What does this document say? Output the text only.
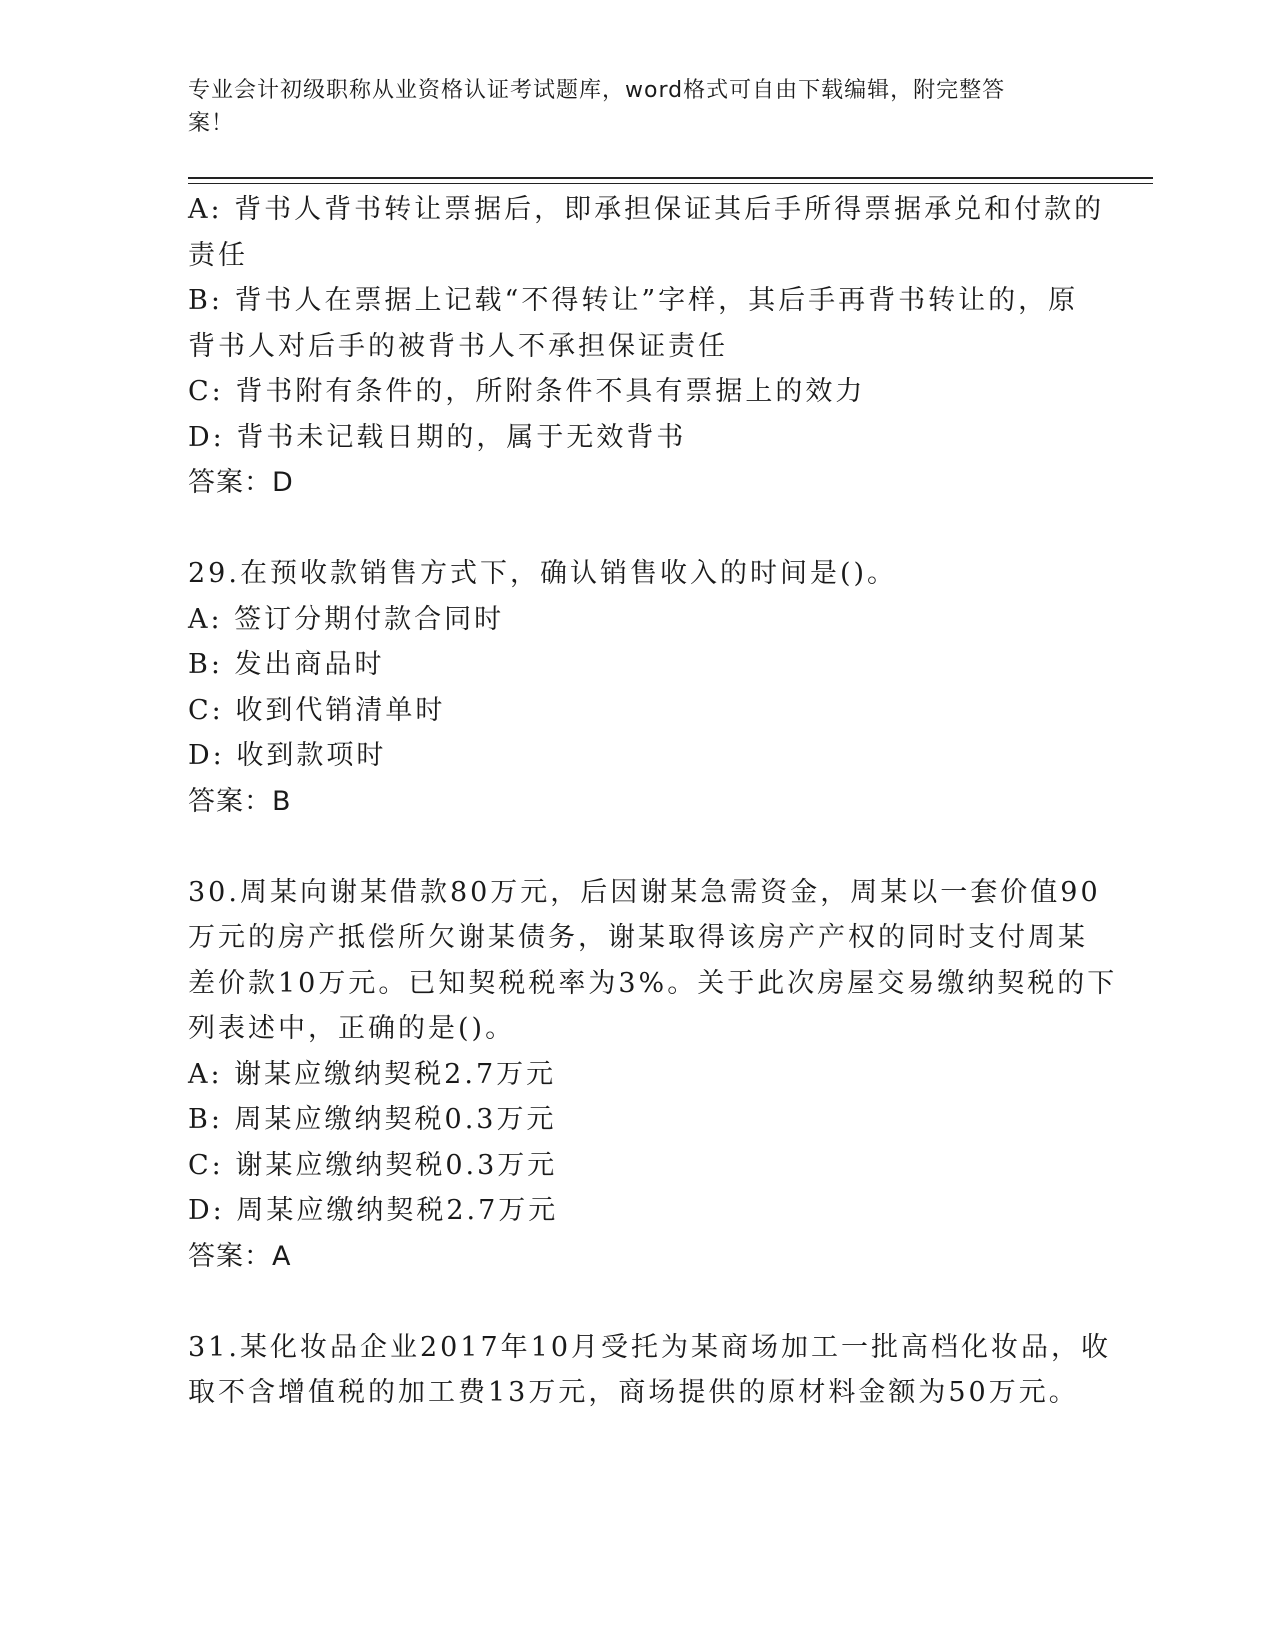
专业会计初级职称从业资格认证考试题库，word格式可自由下载编辑，附完整答
案！
A: 背书人背书转让票据后，即承担保证其后手所得票据承兑和付款的
责任
B: 背书人在票据上记载“不得转让”字样，其后手再背书转让的，原
背书人对后手的被背书人不承担保证责任
C: 背书附有条件的，所附条件不具有票据上的效力
D: 背书未记载日期的，属于无效背书
答案：D
29.在预收款销售方式下，确认销售收入的时间是()。
A: 签订分期付款合同时
B: 发出商品时
C: 收到代销清单时
D: 收到款项时
答案：B
30.周某向谢某借款80万元，后因谢某急需资金，周某以一套价值90
万元的房产抵偿所欠谢某债务，谢某取得该房产产权的同时支付周某
差价款10万元。已知契税税率为3%。关于此次房屋交易缴纳契税的下
列表述中，正确的是()。
A: 谢某应缴纳契税2.7万元
B: 周某应缴纳契税0.3万元
C: 谢某应缴纳契税0.3万元
D: 周某应缴纳契税2.7万元
答案：A
31.某化妆品企业2017年10月受托为某商场加工一批高档化妆品，收
取不含增值税的加工费13万元，商场提供的原材料金额为50万元。
